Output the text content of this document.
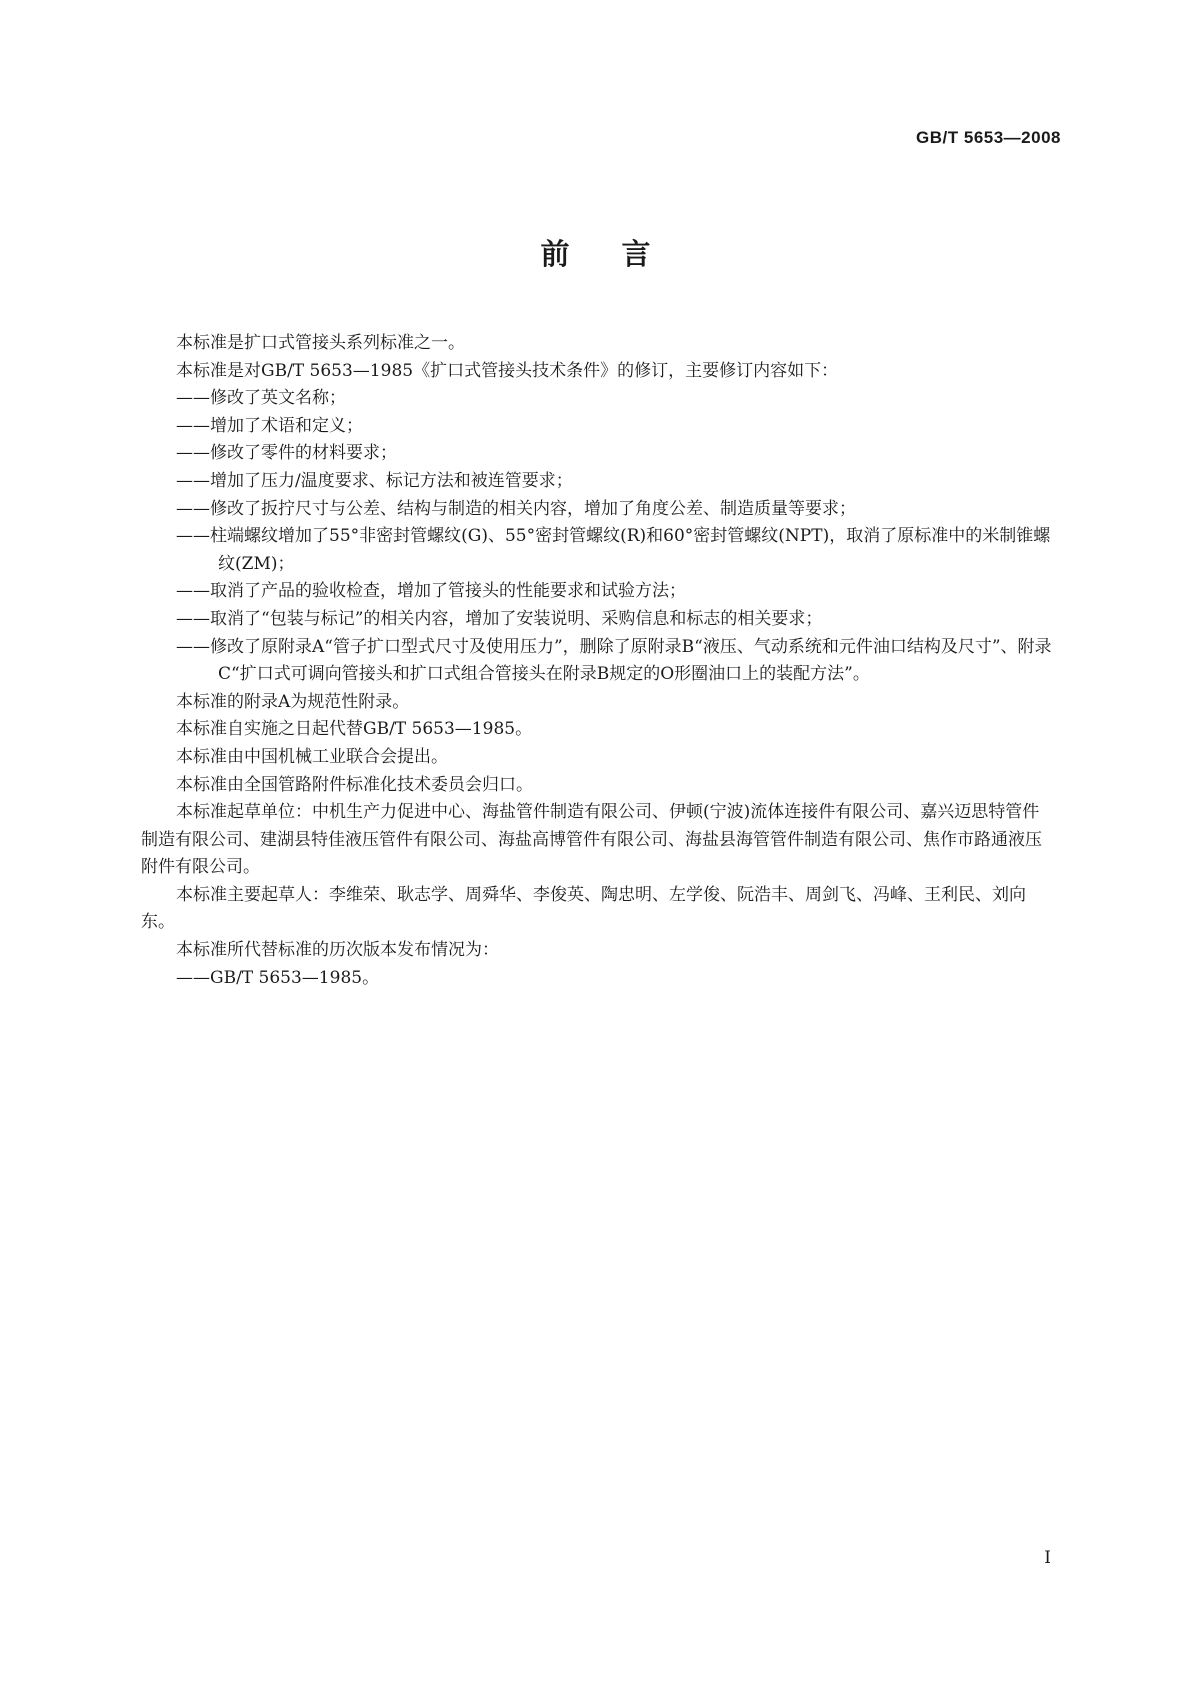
GB/T 5653—2008
前言

本标准是扩口式管接头系列标准之一。

本标准是对GB/T 5653—1985《扩口式管接头技术条件》的修订，主要修订内容如下：

——修改了英文名称；

——增加了术语和定义；

——修改了零件的材料要求；

——增加了压力/温度要求、标记方法和被连管要求；

——修改了扳拧尺寸与公差、结构与制造的相关内容，增加了角度公差、制造质量等要求；

——柱端螺纹增加了55°非密封管螺纹(G)、55°密封管螺纹(R)和60°密封管螺纹(NPT)，取消了原标准中的米制锥螺纹(ZM)；

——取消了产品的验收检查，增加了管接头的性能要求和试验方法；

——取消了“包装与标记”的相关内容，增加了安装说明、采购信息和标志的相关要求；

——修改了原附录A“管子扩口型式尺寸及使用压力”，删除了原附录B“液压、气动系统和元件油口结构及尺寸”、附录C“扩口式可调向管接头和扩口式组合管接头在附录B规定的O形圈油口上的装配方法”。

本标准的附录A为规范性附录。

本标准自实施之日起代替GB/T 5653—1985。

本标准由中国机械工业联合会提出。

本标准由全国管路附件标准化技术委员会归口。

本标准起草单位：中机生产力促进中心、海盐管件制造有限公司、伊顿(宁波)流体连接件有限公司、嘉兴迈思特管件制造有限公司、建湖县特佳液压管件有限公司、海盐高博管件有限公司、海盐县海管管件制造有限公司、焦作市路通液压附件有限公司。

本标准主要起草人：李维荣、耿志学、周舜华、李俊英、陶忠明、左学俊、阮浩丰、周剑飞、冯峰、王利民、刘向东。

本标准所代替标准的历次版本发布情况为：

——GB/T 5653—1985。

I
